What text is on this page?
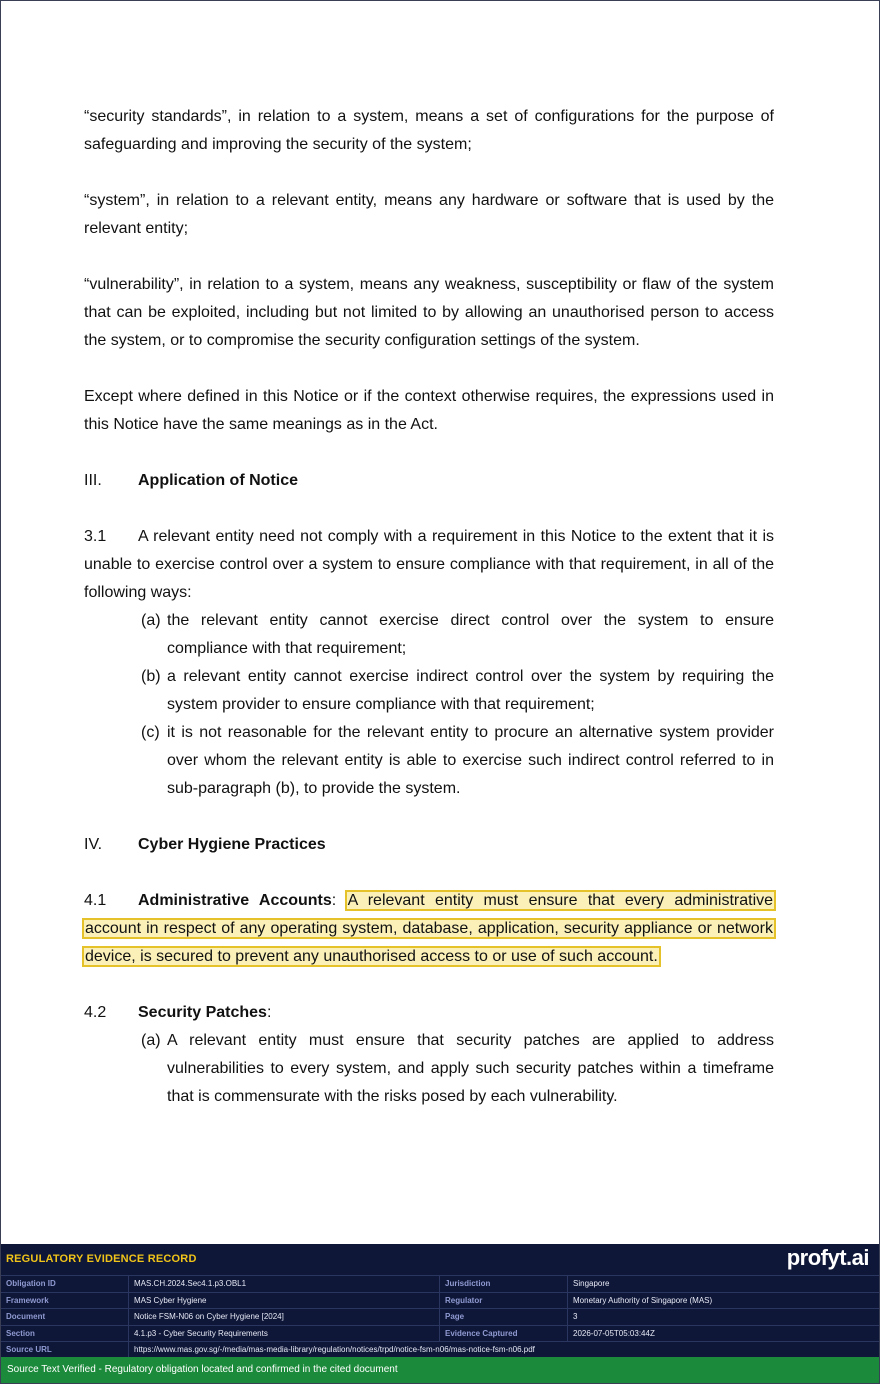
“security standards”, in relation to a system, means a set of configurations for the purpose of safeguarding and improving the security of the system;

“system”, in relation to a relevant entity, means any hardware or software that is used by the relevant entity;

“vulnerability”, in relation to a system, means any weakness, susceptibility or flaw of the system that can be exploited, including but not limited to by allowing an unauthorised person to access the system, or to compromise the security configuration settings of the system.

Except where defined in this Notice or if the context otherwise requires, the expressions used in this Notice have the same meanings as in the Act.

III.	Application of Notice

3.1 A relevant entity need not comply with a requirement in this Notice to the extent that it is unable to exercise control over a system to ensure compliance with that requirement, in all of the following ways:

(a) the relevant entity cannot exercise direct control over the system to ensure compliance with that requirement;
(b) a relevant entity cannot exercise indirect control over the system by requiring the system provider to ensure compliance with that requirement;
(c) it is not reasonable for the relevant entity to procure an alternative system provider over whom the relevant entity is able to exercise such indirect control referred to in sub-paragraph (b), to provide the system.
IV.	Cyber Hygiene Practices

4.1 Administrative Accounts: A relevant entity must ensure that every administrative account in respect of any operating system, database, application, security appliance or network device, is secured to prevent any unauthorised access to or use of such account.

4.2 Security Patches:

(a) A relevant entity must ensure that security patches are applied to address vulnerabilities to every system, and apply such security patches within a timeframe that is commensurate with the risks posed by each vulnerability.
REGULATORY EVIDENCE RECORD	profyt.ai
Obligation ID	MAS.CH.2024.Sec4.1.p3.OBL1	Jurisdiction	Singapore
Framework	MAS Cyber Hygiene	Regulator	Monetary Authority of Singapore (MAS)
Document	Notice FSM-N06 on Cyber Hygiene [2024]	Page	3
Section	4.1.p3 - Cyber Security Requirements	Evidence Captured	2026-07-05T05:03:44Z
Source URL	https://www.mas.gov.sg/-/media/mas-media-library/regulation/notices/trpd/notice-fsm-n06/mas-notice-fsm-n06.pdf
Source Text Verified - Regulatory obligation located and confirmed in the cited document
